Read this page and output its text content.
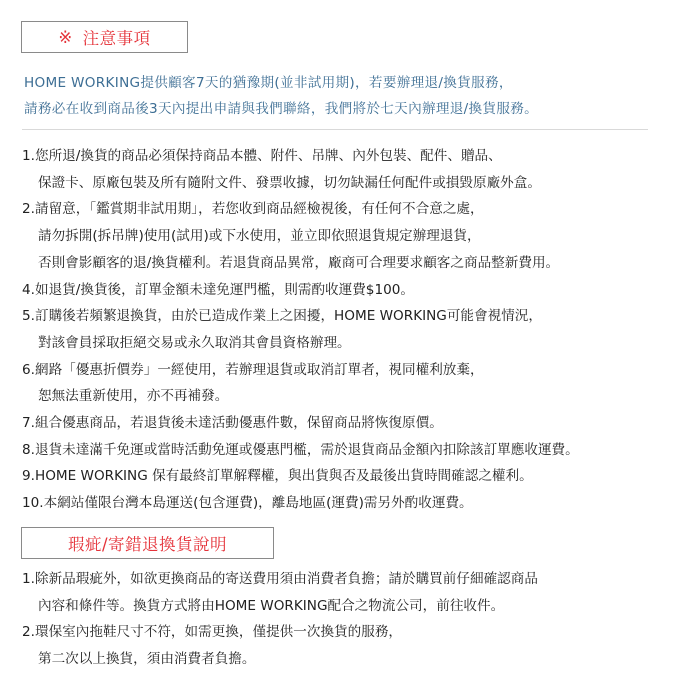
※ 注意事項
HOME WORKING提供顧客7天的猶豫期(並非試用期)，若要辦理退/換貨服務，
請務必在收到商品後3天內提出申請與我們聯絡，我們將於七天內辦理退/換貨服務。
1.您所退/換貨的商品必須保持商品本體、附件、吊牌、內外包裝、配件、贈品、
保證卡、原廠包裝及所有隨附文件、發票收據，切勿缺漏任何配件或損毀原廠外盒。
2.請留意，「鑑賞期非試用期」，若您收到商品經檢視後，有任何不合意之處，
請勿拆開(拆吊牌)使用(試用)或下水使用，並立即依照退貨規定辦理退貨，
否則會影顧客的退/換貨權利。若退貨商品異常，廠商可合理要求顧客之商品整新費用。
4.如退貨/換貨後，訂單金額未達免運門檻，則需酌收運費$100。
5.訂購後若頻繁退換貨，由於已造成作業上之困擾，HOME WORKING可能會視情況，
對該會員採取拒絕交易或永久取消其會員資格辦理。
6.網路「優惠折價券」一經使用，若辦理退貨或取消訂單者，視同權利放棄，
恕無法重新使用，亦不再補發。
7.組合優惠商品，若退貨後未達活動優惠件數，保留商品將恢復原價。
8.退貨未達滿千免運或當時活動免運或優惠門檻，需於退貨商品金額內扣除該訂單應收運費。
9.HOME WORKING 保有最終訂單解釋權，與出貨與否及最後出貨時間確認之權利。
10.本網站僅限台灣本島運送(包含運費)，離島地區(運費)需另外酌收運費。
瑕疵/寄錯退換貨說明
1.除新品瑕疵外，如欲更換商品的寄送費用須由消費者負擔；請於購買前仔細確認商品
內容和條件等。換貨方式將由HOME WORKING配合之物流公司，前往收件。
2.環保室內拖鞋尺寸不符，如需更換，僅提供一次換貨的服務，
第二次以上換貨，須由消費者負擔。
